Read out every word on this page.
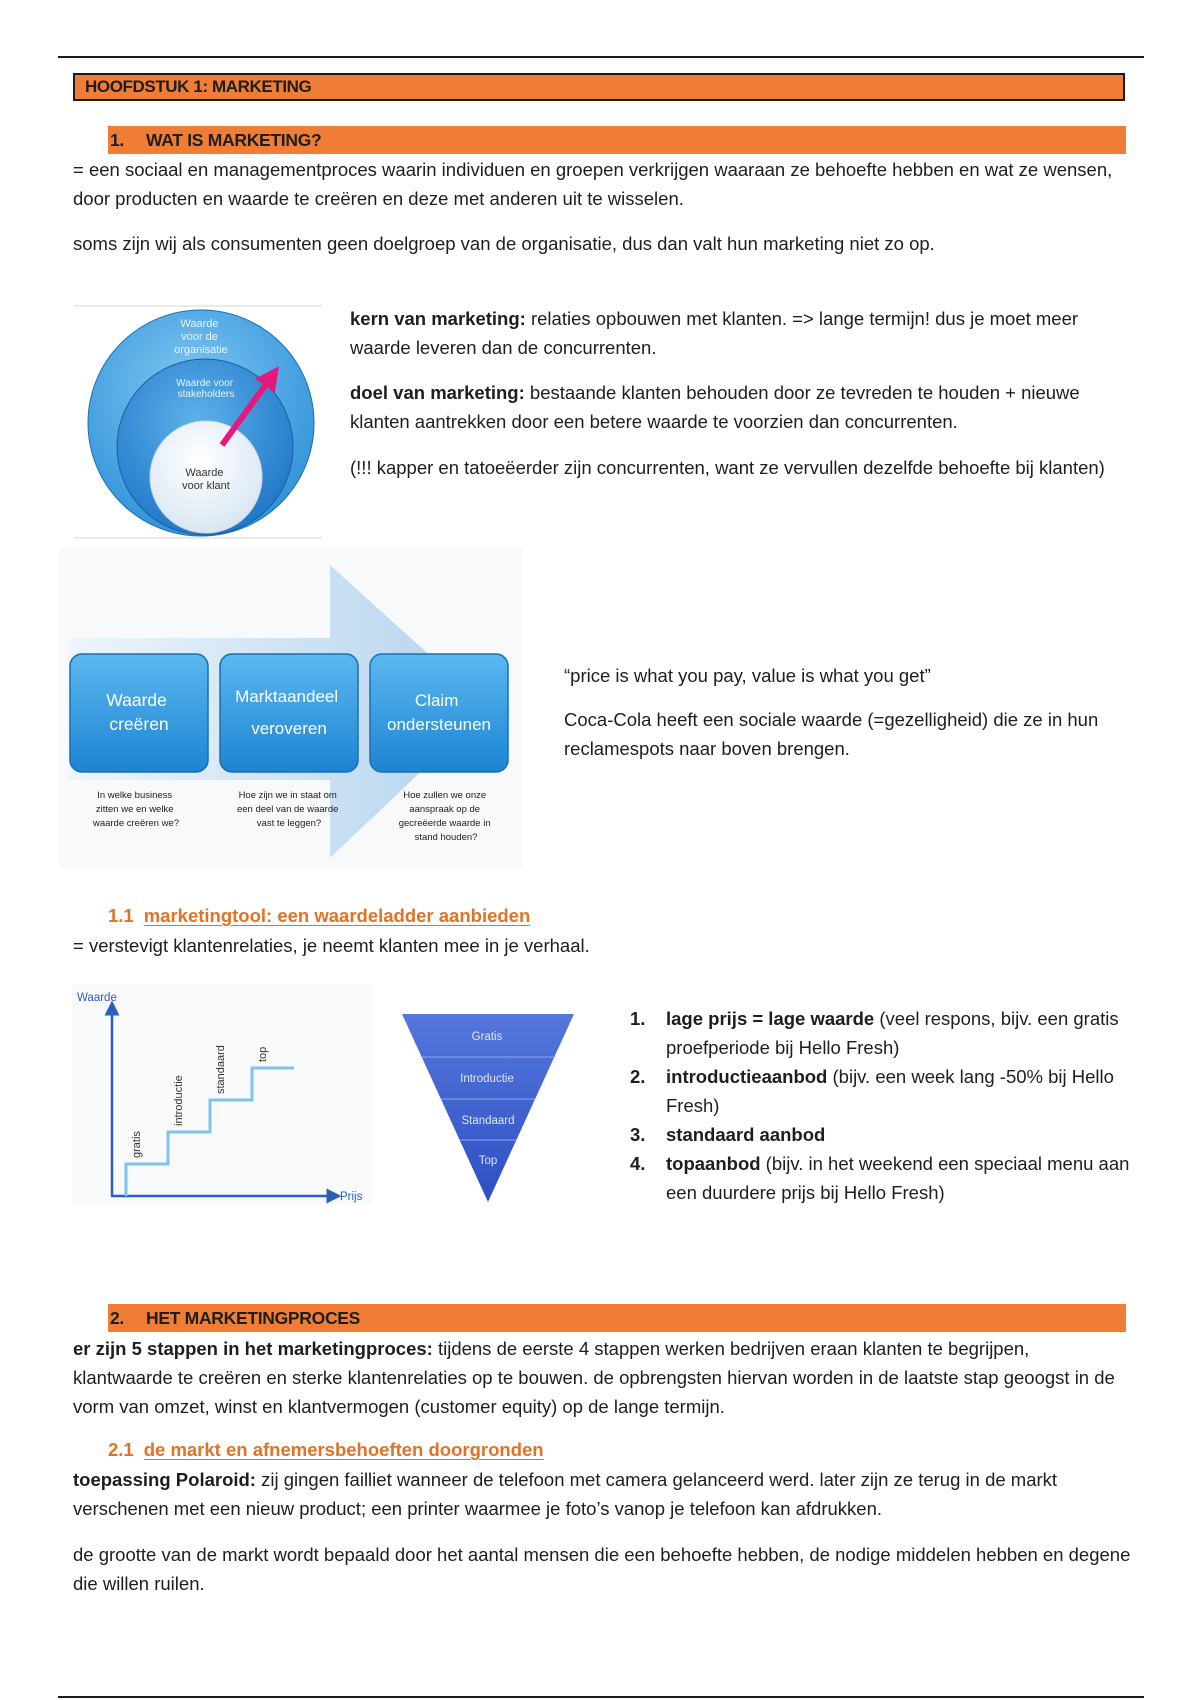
HOOFDSTUK 1: MARKETING
1. WAT IS MARKETING?

= een sociaal en managementproces waarin individuen en groepen verkrijgen waaraan ze behoefte hebben en wat ze wensen, door producten en waarde te creëren en deze met anderen uit te wisselen.

soms zijn wij als consumenten geen doelgroep van de organisatie, dus dan valt hun marketing niet zo op.

Waarde voor de organisatie
Waarde voor stakeholders
Waarde voor klant

kern van marketing: relaties opbouwen met klanten. => lange termijn! dus je moet meer waarde leveren dan de concurrenten.

doel van marketing: bestaande klanten behouden door ze tevreden te houden + nieuwe klanten aantrekken door een betere waarde te voorzien dan concurrenten.

(!!! kapper en tatoeëerder zijn concurrenten, want ze vervullen dezelfde behoefte bij klanten)

Waarde creëren
Marktaandeel veroveren
Claim ondersteunen
In welke business zitten we en welke waarde creëren we?
Hoe zijn we in staat om een deel van de waarde vast te leggen?
Hoe zullen we onze aanspraak op de gecreëerde waarde in stand houden?

“price is what you pay, value is what you get”

Coca-Cola heeft een sociale waarde (=gezelligheid) die ze in hun reclamespots naar boven brengen.

1.1 marketingtool: een waardeladder aanbieden

= verstevigt klantenrelaties, je neemt klanten mee in je verhaal.

Waarde
Prijs
gratis
introductie
standaard	top
Gratis
Introductie
Standaard
Top
1. lage prijs = lage waarde (veel respons, bijv. een gratis proefperiode bij Hello Fresh)
2. introductieaanbod (bijv. een week lang -50% bij Hello Fresh)
3. standaard aanbod
4. topaanbod (bijv. in het weekend een speciaal menu aan een duurdere prijs bij Hello Fresh)
2. HET MARKETINGPROCES

er zijn 5 stappen in het marketingproces: tijdens de eerste 4 stappen werken bedrijven eraan klanten te begrijpen, klantwaarde te creëren en sterke klantenrelaties op te bouwen. de opbrengsten hiervan worden in de laatste stap geoogst in de vorm van omzet, winst en klantvermogen (customer equity) op de lange termijn.

2.1 de markt en afnemersbehoeften doorgronden

toepassing Polaroid: zij gingen failliet wanneer de telefoon met camera gelanceerd werd. later zijn ze terug in de markt verschenen met een nieuw product; een printer waarmee je foto’s vanop je telefoon kan afdrukken.

de grootte van de markt wordt bepaald door het aantal mensen die een behoefte hebben, de nodige middelen hebben en degene die willen ruilen.
